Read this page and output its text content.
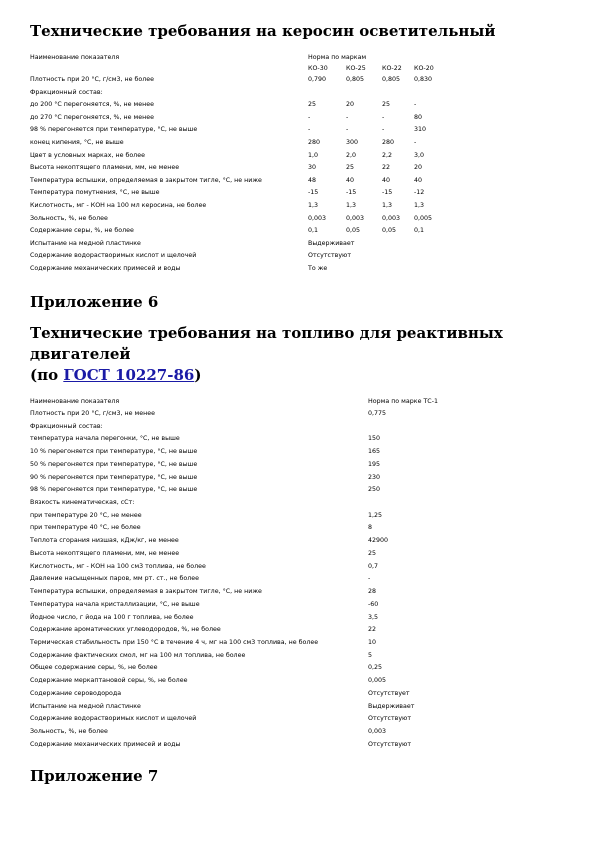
Технические требования на керосин осветительный
Наименование показателя	Норма по маркам
КО-30	КО-25	КО-22 КО-20
Плотность при 20 °С, г/см3, не более	0,790	0,805	0,805 0,830
Фракционный состав:
до 200 °С перегоняется, %, не менее	25	20	25	-
до 270 °С перегоняется, %, не менее	-	-	-	80
98 % перегоняется при температуре, °С, не выше	-	-	-	310
конец кипения, °С, не выше	280	300	280	-
Цвет в условных марках, не более	1,0	2,0	2,2	3,0
Высота некоптящего пламени, мм, не менее	30	25	22	20
Температура вспышки, определяемая в закрытом тигле, °С, не ниже	48	40	40	40
Температура помутнения, °С, не выше	-15	-15	-15	-12
Кислотность, мг - КОН на 100 мл керосина, не более	1,3	1,3	1,3	1,3
Зольность, %, не более	0,003	0,003	0,003 0,005
Содержание серы, %, не более	0,1	0,05	0,05	0,1
Испытание на медной пластинке	Выдерживает
Содержание водорастворимых кислот и щелочей	Отсутствуют
Содержание механических примесей и воды	То же
Приложение 6
Технические требования на топливо для реактивных двигателей
(по ГОСТ 10227-86)
Наименование показателя	Норма по марке ТС-1
Плотность при 20 °С, г/см3, не менее	0,775
Фракционный состав:
температура начала перегонки, °С, не выше	150
10 % перегоняется при температуре, °С, не выше	165
50 % перегоняется при температуре, °С, не выше	195
90 % перегоняется при температуре, °С, не выше	230
98 % перегоняется при температуре, °С, не выше	250
Вязкость кинематическая, сСт:
при температуре 20 °С, не менее	1,25
при температуре 40 °С, не более	8
Теплота сгорания низшая, кДж/кг, не менее	42900
Высота некоптящего пламени, мм, не менее	25
Кислотность, мг - КОН на 100 см3 топлива, не более	0,7
Давление насыщенных паров, мм рт. ст., не более	-
Температура вспышки, определяемая в закрытом тигле, °С, не ниже	28
Температура начала кристаллизации, °С, не выше	-60
Йодное число, г йода на 100 г топлива, не более	3,5
Содержание ароматических углеводородов, %, не более	22
Термическая стабильность при 150 °С в течение 4 ч, мг на 100 см3 топлива, не более	10
Содержание фактических смол, мг на 100 мл топлива, не более	5
Общее содержание серы, %, не более	0,25
Содержание меркаптановой серы, %, не более	0,005
Содержание сероводорода	Отсутствует
Испытание на медной пластинке	Выдерживает
Содержание водорастворимых кислот и щелочей	Отсутствуют
Зольность, %, не более	0,003
Содержание механических примесей и воды	Отсутствуют
Приложение 7
